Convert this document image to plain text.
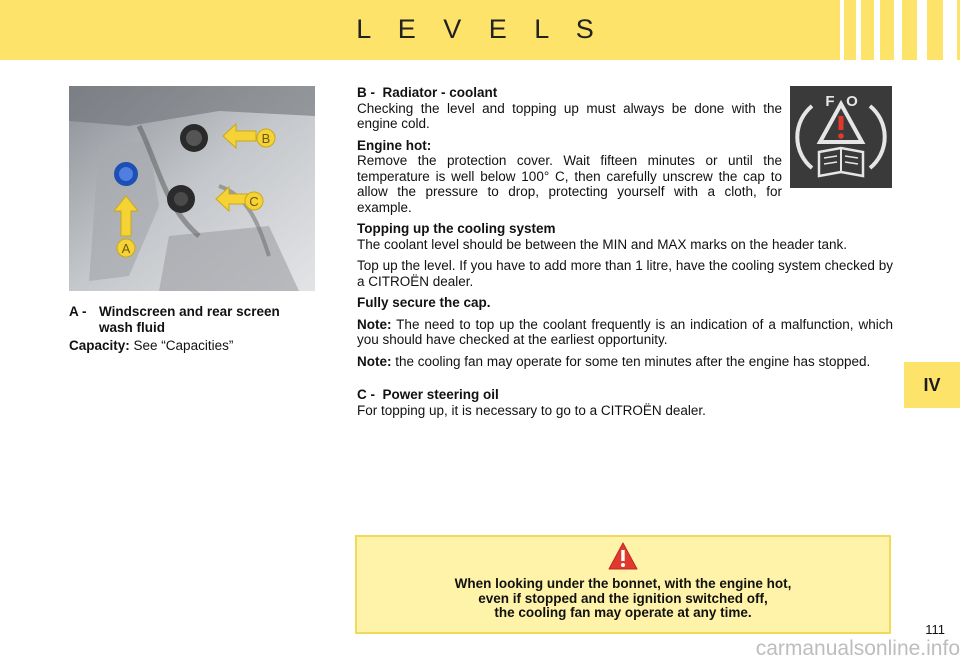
L E V E L S
IV
B
C
A
A - Windscreen and rear screen wash fluid

Capacity: See “Capacities”

F O

B - Radiator - coolant

Checking the level and topping up must always be done with the engine cold.

Engine hot:

Remove the protection cover. Wait fifteen minutes or until the temperature is well below 100° C, then carefully unscrew the cap to allow the pressure to drop, protecting yourself with a cloth, for example.

Topping up the cooling system

The coolant level should be between the MIN and MAX marks on the header tank.

Top up the level. If you have to add more than 1 litre, have the cooling system checked by a CITROËN dealer.

Fully secure the cap.

Note: The need to top up the coolant frequently is an indication of a malfunction, which you should have checked at the earliest opportunity.

Note: the cooling fan may operate for some ten minutes after the engine has stopped.

C - Power steering oil

For topping up, it is necessary to go to a CITROËN dealer.

When looking under the bonnet, with the engine hot,
even if stopped and the ignition switched off,
the cooling fan may operate at any time.
111
carmanualsonline.info
